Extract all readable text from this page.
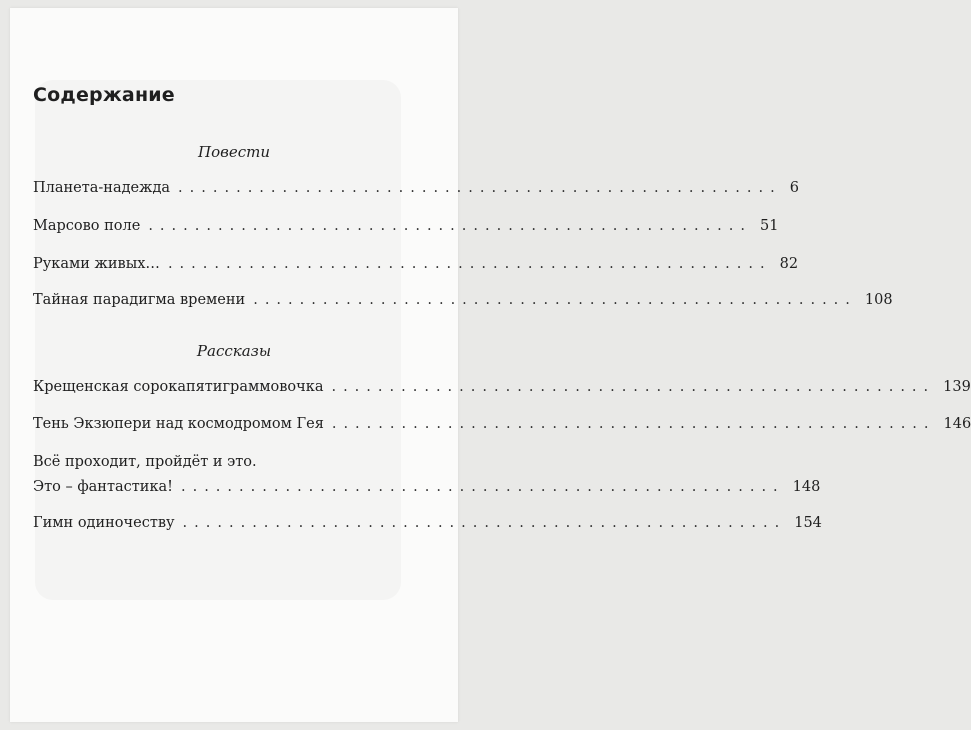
Содержание
Повести
Планета-надежда .................................................... 6
Марсово поле .................................................... 51
Руками живых… .................................................... 82
Тайная парадигма времени .................................................... 108
Рассказы
Крещенская сорокапятиграммовочка .................................................... 139
Тень Экзюпери над космодромом Гея .................................................... 146
Всё проходит, пройдёт и это.
Это – фантастика! .................................................... 148
Гимн одиночеству .................................................... 154
